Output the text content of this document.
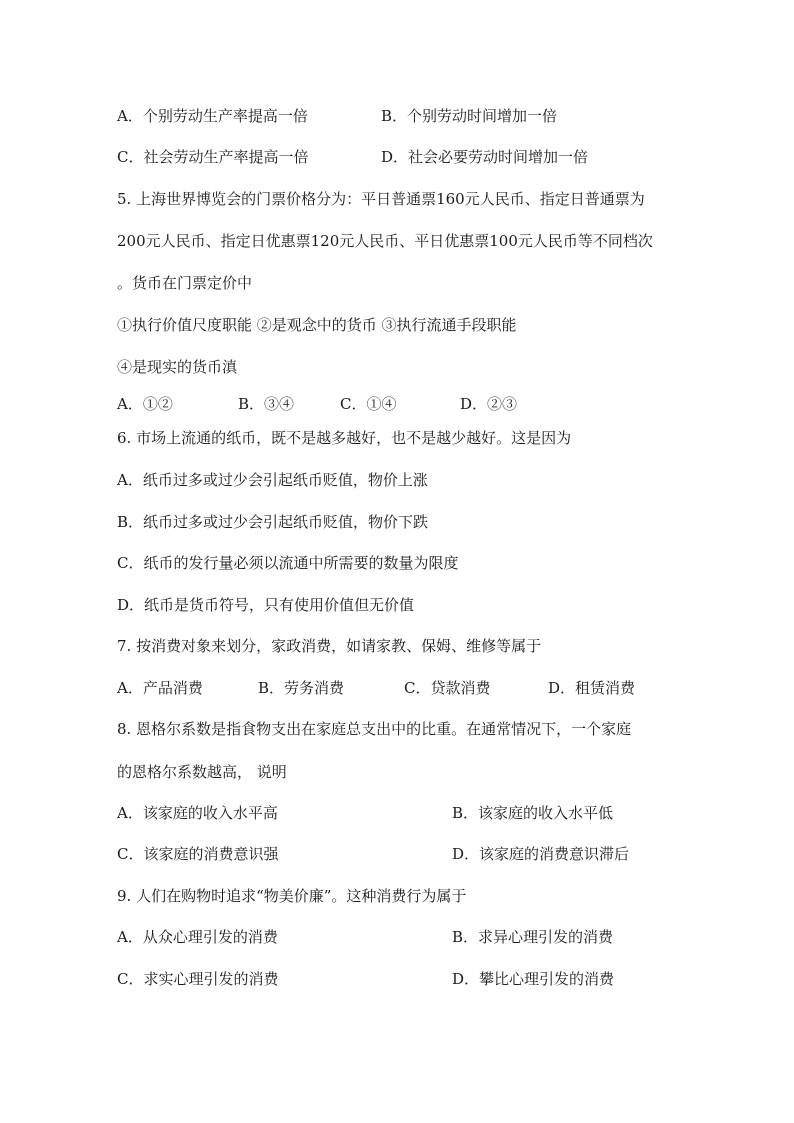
A．个别劳动生产率提高一倍	B．个别劳动时间增加一倍
C．社会劳动生产率提高一倍	D．社会必要劳动时间增加一倍
5. 上海世界博览会的门票价格分为：平日普通票160元人民币、指定日普通票为
200元人民币、指定日优惠票120元人民币、平日优惠票100元人民币等不同档次
。货币在门票定价中
①执行价值尺度职能 ②是观念中的货币 ③执行流通手段职能
④是现实的货币滇
A．①②	B．③④	C．①④	D．②③
6. 市场上流通的纸币，既不是越多越好，也不是越少越好。这是因为
A．纸币过多或过少会引起纸币贬值，物价上涨
B．纸币过多或过少会引起纸币贬值，物价下跌
C．纸币的发行量必须以流通中所需要的数量为限度
D．纸币是货币符号，只有使用价值但无价值
7. 按消费对象来划分，家政消费，如请家教、保姆、维修等属于
A．产品消费	B．劳务消费	C．贷款消费	D．租赁消费
8. 恩格尔系数是指食物支出在家庭总支出中的比重。在通常情况下，一个家庭
的恩格尔系数越高， 说明
A．该家庭的收入水平高	B．该家庭的收入水平低
C．该家庭的消费意识强	D．该家庭的消费意识滞后
9. 人们在购物时追求“物美价廉”。这种消费行为属于
A．从众心理引发的消费	B．求异心理引发的消费
C．求实心理引发的消费	D．攀比心理引发的消费
